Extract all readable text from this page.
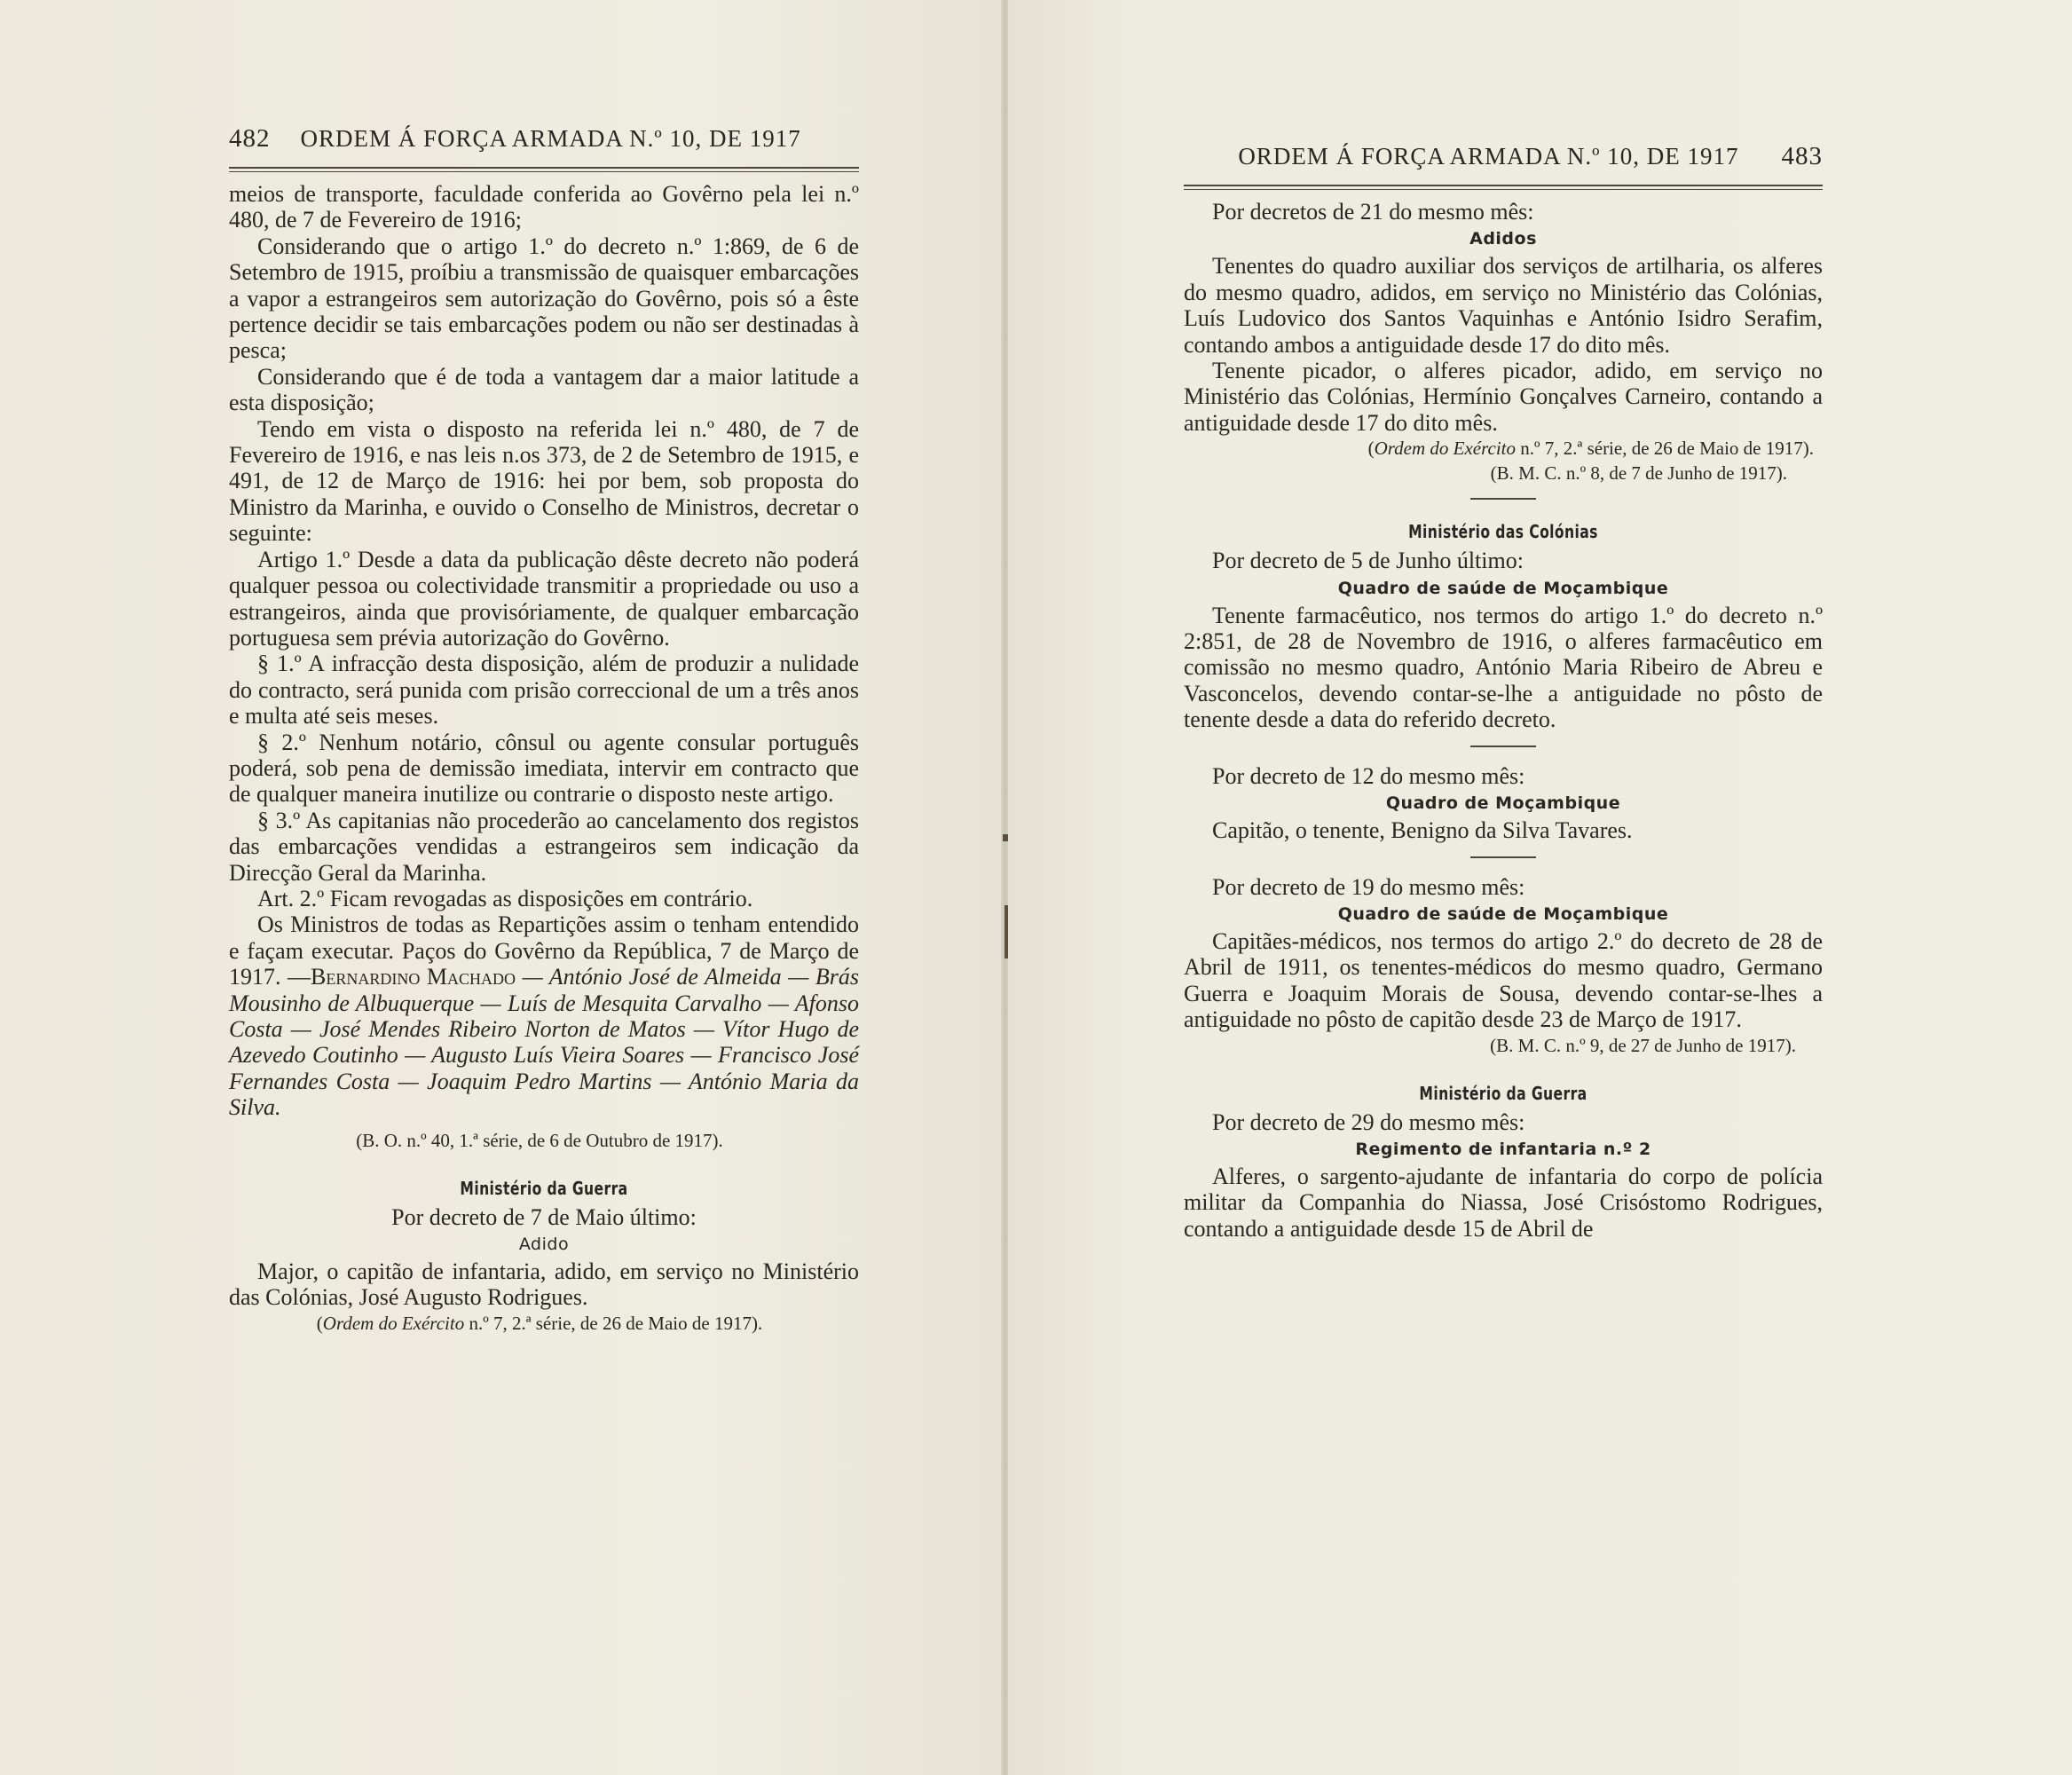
482 ORDEM Á FORÇA ARMADA N.º 10, DE 1917

meios de transporte, faculdade conferida ao Govêrno pela lei n.º 480, de 7 de Fevereiro de 1916;

Considerando que o artigo 1.º do decreto n.º 1:869, de 6 de Setembro de 1915, proíbiu a transmissão de quaisquer embarcações a vapor a estrangeiros sem autorização do Govêrno, pois só a êste pertence decidir se tais embarcações podem ou não ser destinadas à pesca;

Considerando que é de toda a vantagem dar a maior latitude a esta disposição;

Tendo em vista o disposto na referida lei n.º 480, de 7 de Fevereiro de 1916, e nas leis n.os 373, de 2 de Setembro de 1915, e 491, de 12 de Março de 1916: hei por bem, sob proposta do Ministro da Marinha, e ouvido o Conselho de Ministros, decretar o seguinte:

Artigo 1.º Desde a data da publicação dêste decreto não poderá qualquer pessoa ou colectividade transmitir a propriedade ou uso a estrangeiros, ainda que provisóriamente, de qualquer embarcação portuguesa sem prévia autorização do Govêrno.

§ 1.º A infracção desta disposição, além de produzir a nulidade do contracto, será punida com prisão correccional de um a três anos e multa até seis meses.

§ 2.º Nenhum notário, cônsul ou agente consular português poderá, sob pena de demissão imediata, intervir em contracto que de qualquer maneira inutilize ou contrarie o disposto neste artigo.

§ 3.º As capitanias não procederão ao cancelamento dos registos das embarcações vendidas a estrangeiros sem indicação da Direcção Geral da Marinha.

Art. 2.º Ficam revogadas as disposições em contrário.

Os Ministros de todas as Repartições assim o tenham entendido e façam executar. Paços do Govêrno da República, 7 de Março de 1917. —Bernardino Machado — António José de Almeida — Brás Mousinho de Albuquerque — Luís de Mesquita Carvalho — Afonso Costa — José Mendes Ribeiro Norton de Matos — Vítor Hugo de Azevedo Coutinho — Augusto Luís Vieira Soares — Francisco José Fernandes Costa — Joaquim Pedro Martins — António Maria da Silva.

(B. O. n.º 40, 1.ª série, de 6 de Outubro de 1917).
Ministério da Guerra

Por decreto de 7 de Maio último:

Adido

Major, o capitão de infantaria, adido, em serviço no Ministério das Colónias, José Augusto Rodrigues.

(Ordem do Exército n.º 7, 2.ª série, de 26 de Maio de 1917).
ORDEM Á FORÇA ARMADA N.º 10, DE 1917 483

Por decretos de 21 do mesmo mês:

Adidos

Tenentes do quadro auxiliar dos serviços de artilharia, os alferes do mesmo quadro, adidos, em serviço no Ministério das Colónias, Luís Ludovico dos Santos Vaquinhas e António Isidro Serafim, contando ambos a antiguidade desde 17 do dito mês.

Tenente picador, o alferes picador, adido, em serviço no Ministério das Colónias, Hermínio Gonçalves Carneiro, contando a antiguidade desde 17 do dito mês.

(Ordem do Exército n.º 7, 2.ª série, de 26 de Maio de 1917).
(B. M. C. n.º 8, de 7 de Junho de 1917).
Ministério das Colónias

Por decreto de 5 de Junho último:

Quadro de saúde de Moçambique

Tenente farmacêutico, nos termos do artigo 1.º do decreto n.º 2:851, de 28 de Novembro de 1916, o alferes farmacêutico em comissão no mesmo quadro, António Maria Ribeiro de Abreu e Vasconcelos, devendo contar-se-lhe a antiguidade no pôsto de tenente desde a data do referido decreto.

Por decreto de 12 do mesmo mês:

Quadro de Moçambique

Capitão, o tenente, Benigno da Silva Tavares.

Por decreto de 19 do mesmo mês:

Quadro de saúde de Moçambique

Capitães-médicos, nos termos do artigo 2.º do decreto de 28 de Abril de 1911, os tenentes-médicos do mesmo quadro, Germano Guerra e Joaquim Morais de Sousa, devendo contar-se-lhes a antiguidade no pôsto de capitão desde 23 de Março de 1917.

(B. M. C. n.º 9, de 27 de Junho de 1917).
Ministério da Guerra

Por decreto de 29 do mesmo mês:

Regimento de infantaria n.º 2

Alferes, o sargento-ajudante de infantaria do corpo de polícia militar da Companhia do Niassa, José Crisóstomo Rodrigues, contando a antiguidade desde 15 de Abril de
